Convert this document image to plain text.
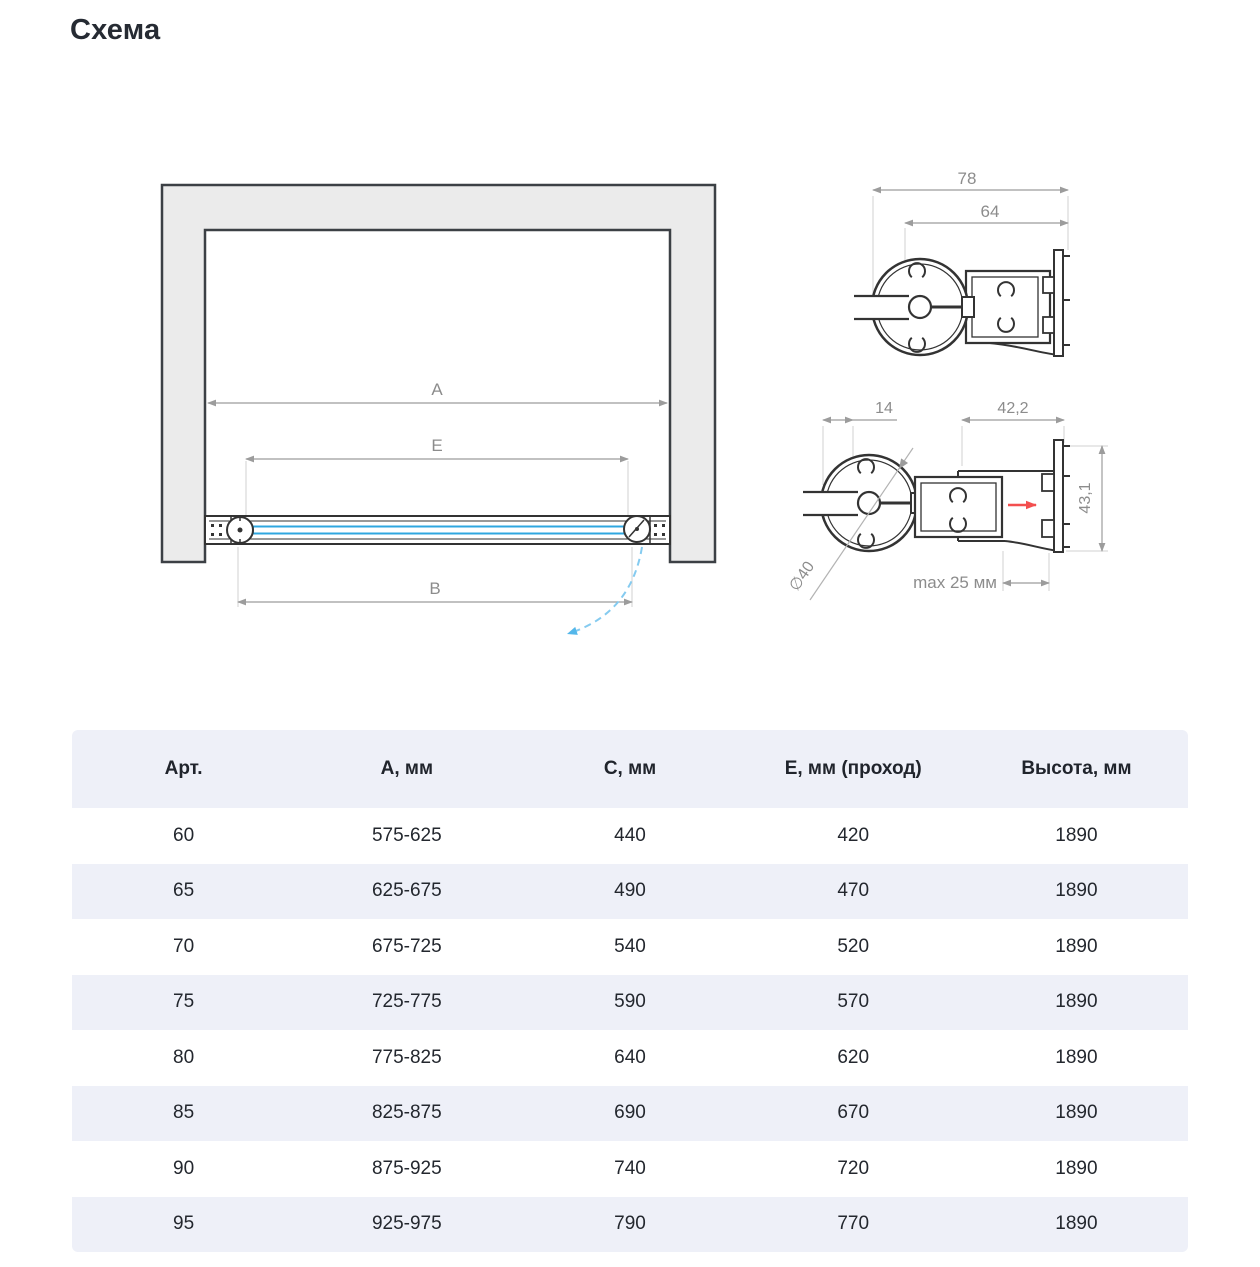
Схема
A
E
B
78
64
14	42,2
∅40
43,1
max 25 мм
Арт.	А, мм	С, мм	Е, мм (проход)	Высота, мм
60	575-625	440	420	1890
65	625-675	490	470	1890
70	675-725	540	520	1890
75	725-775	590	570	1890
80	775-825	640	620	1890
85	825-875	690	670	1890
90	875-925	740	720	1890
95	925-975	790	770	1890
